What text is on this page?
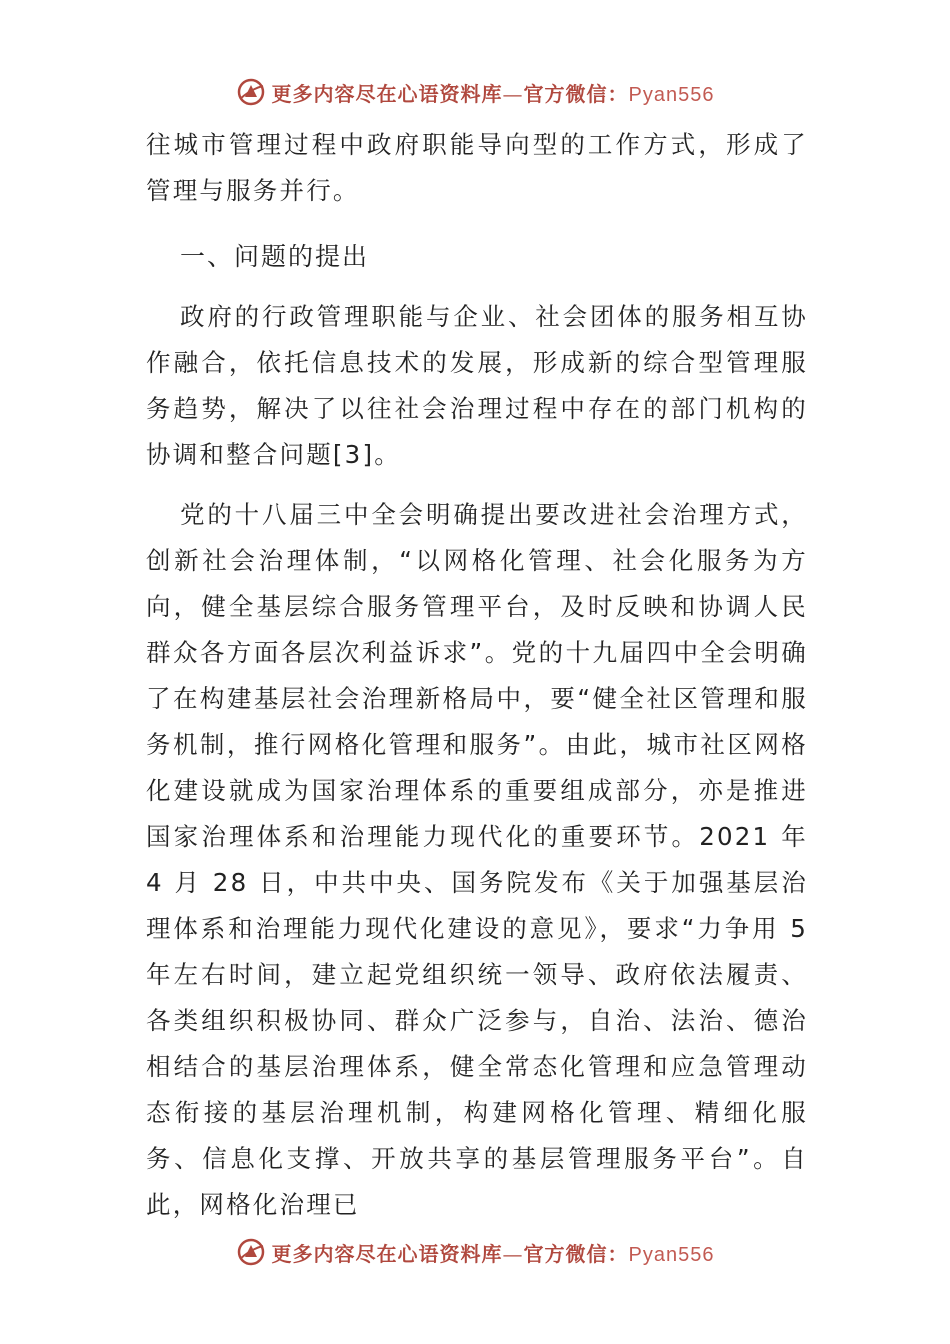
更多内容尽在心语资料库—官方微信：Pyan556

往城市管理过程中政府职能导向型的工作方式，形成了管理与服务并行。

一、问题的提出

政府的行政管理职能与企业、社会团体的服务相互协作融合，依托信息技术的发展，形成新的综合型管理服务趋势，解决了以往社会治理过程中存在的部门机构的协调和整合问题[3]。

党的十八届三中全会明确提出要改进社会治理方式，创新社会治理体制，“以网格化管理、社会化服务为方向，健全基层综合服务管理平台，及时反映和协调人民群众各方面各层次利益诉求”。党的十九届四中全会明确了在构建基层社会治理新格局中，要“健全社区管理和服务机制，推行网格化管理和服务”。由此，城市社区网格化建设就成为国家治理体系的重要组成部分，亦是推进国家治理体系和治理能力现代化的重要环节。2021 年 4 月 28 日，中共中央、国务院发布《关于加强基层治理体系和治理能力现代化建设的意见》，要求“力争用 5 年左右时间，建立起党组织统一领导、政府依法履责、各类组织积极协同、群众广泛参与，自治、法治、德治相结合的基层治理体系，健全常态化管理和应急管理动态衔接的基层治理机制，构建网格化管理、精细化服务、信息化支撑、开放共享的基层管理服务平台”。自此，网格化治理已

更多内容尽在心语资料库—官方微信：Pyan556
